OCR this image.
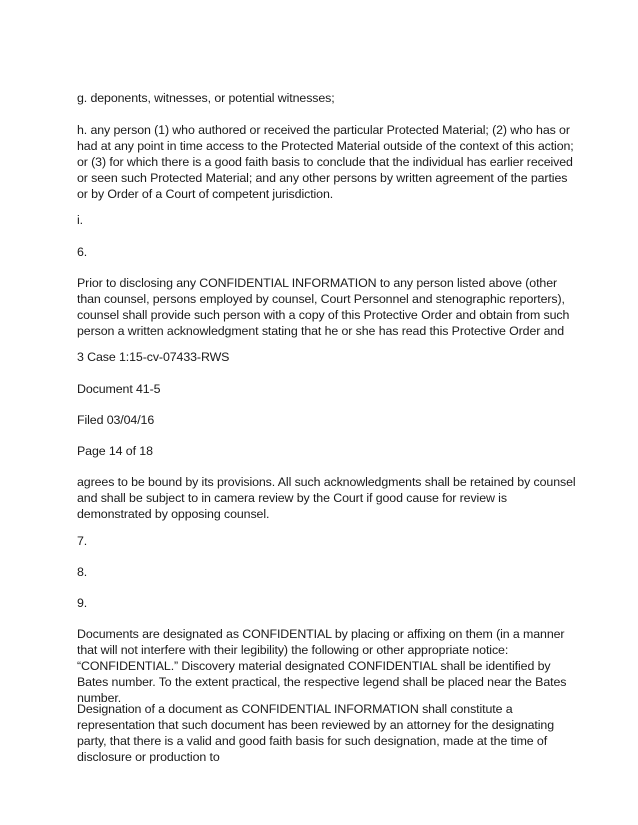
g. deponents, witnesses, or potential witnesses;

h. any person (1) who authored or received the particular Protected Material; (2) who has or had at any point in time access to the Protected Material outside of the context of this action; or (3) for which there is a good faith basis to conclude that the individual has earlier received or seen such Protected Material; and any other persons by written agreement of the parties or by Order of a Court of competent jurisdiction.

i.

6.

Prior to disclosing any CONFIDENTIAL INFORMATION to any person listed above (other than counsel, persons employed by counsel, Court Personnel and stenographic reporters), counsel shall provide such person with a copy of this Protective Order and obtain from such person a written acknowledgment stating that he or she has read this Protective Order and

3 Case 1:15-cv-07433-RWS

Document 41-5

Filed 03/04/16

Page 14 of 18

agrees to be bound by its provisions. All such acknowledgments shall be retained by counsel and shall be subject to in camera review by the Court if good cause for review is demonstrated by opposing counsel.

7.

8.

9.

Documents are designated as CONFIDENTIAL by placing or affixing on them (in a manner that will not interfere with their legibility) the following or other appropriate notice: “CONFIDENTIAL.” Discovery material designated CONFIDENTIAL shall be identified by Bates number. To the extent practical, the respective legend shall be placed near the Bates number.

Designation of a document as CONFIDENTIAL INFORMATION shall constitute a representation that such document has been reviewed by an attorney for the designating party, that there is a valid and good faith basis for such designation, made at the time of disclosure or production to
